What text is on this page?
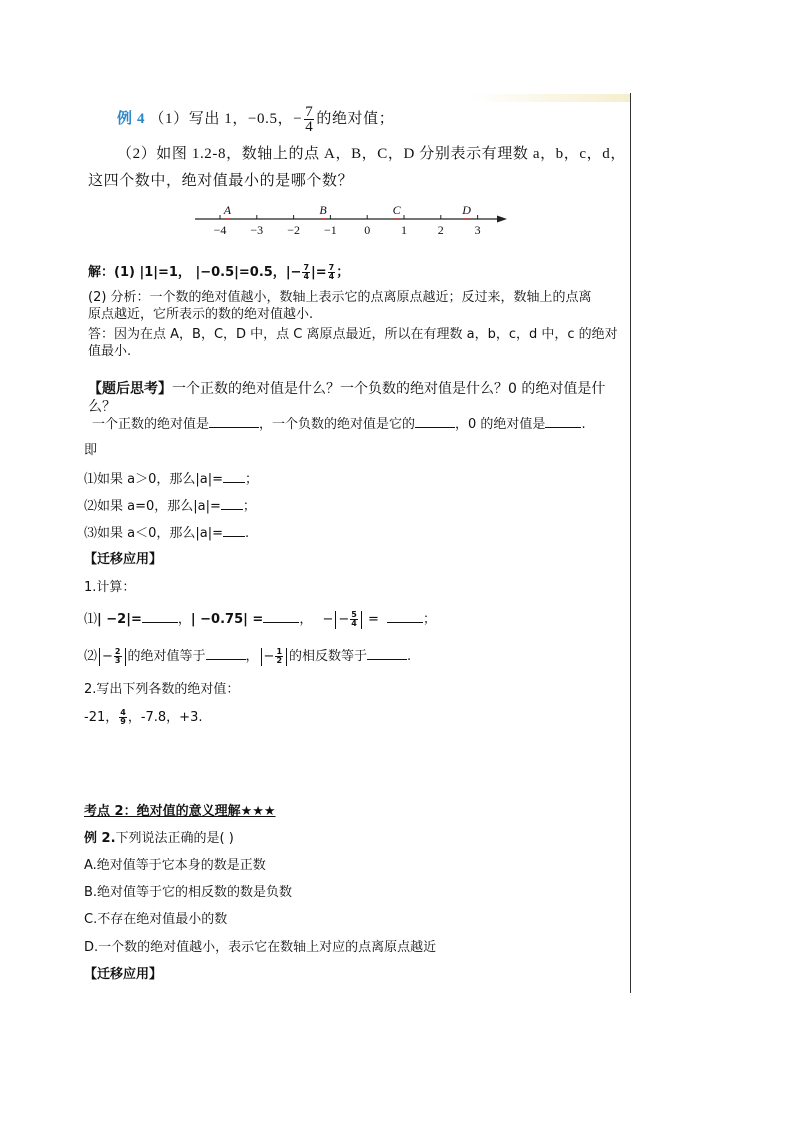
例 4 （1）写出 1，−0.5，− $\frac{7}{4}$ 的绝对值；
（2）如图 1.2-8，数轴上的点 A，B，C，D 分别表示有理数 a，b，c，d，
这四个数中，绝对值最小的是哪个数？
−4 −3 −2 −1 0	1	2	3
A	B	C	D
解：(1) |1|=1， |−0.5|=0.5，|− $\frac{7}{4}$ |= $\frac{7}{4}$ ；
(2) 分析：一个数的绝对值越小，数轴上表示它的点离原点越近；反过来，数轴上的点离
原点越近，它所表示的数的绝对值越小.
答：因为在点 A，B，C，D 中，点 C 离原点最近，所以在有理数 a，b，c，d 中，c 的绝对
值最小.
【题后思考】一个正数的绝对值是什么？一个负数的绝对值是什么？0 的绝对值是什
么？
一个正数的绝对值是	，一个负数的绝对值是它的	，0 的绝对值是	.
即
⑴如果 a＞0，那么|a|= ；
⑵如果 a=0，那么|a|= ；
⑶如果 a＜0，那么|a|= .
【迁移应用】
1.计算：
⑴| −2|=	，| −0.75| =	， − − $\frac{5}{4}$ =	；
⑵ − $\frac{2}{3}$ 的绝对值等于	， − $\frac{1}{2}$ 的相反数等于	.
2.写出下列各数的绝对值：
-21， $\frac{4}{9}$ ，-7.8，+3.
考点 2：绝对值的意义理解★★★
例 2.下列说法正确的是( )
A.绝对值等于它本身的数是正数
B.绝对值等于它的相反数的数是负数
C.不存在绝对值最小的数
D.一个数的绝对值越小，表示它在数轴上对应的点离原点越近
【迁移应用】
